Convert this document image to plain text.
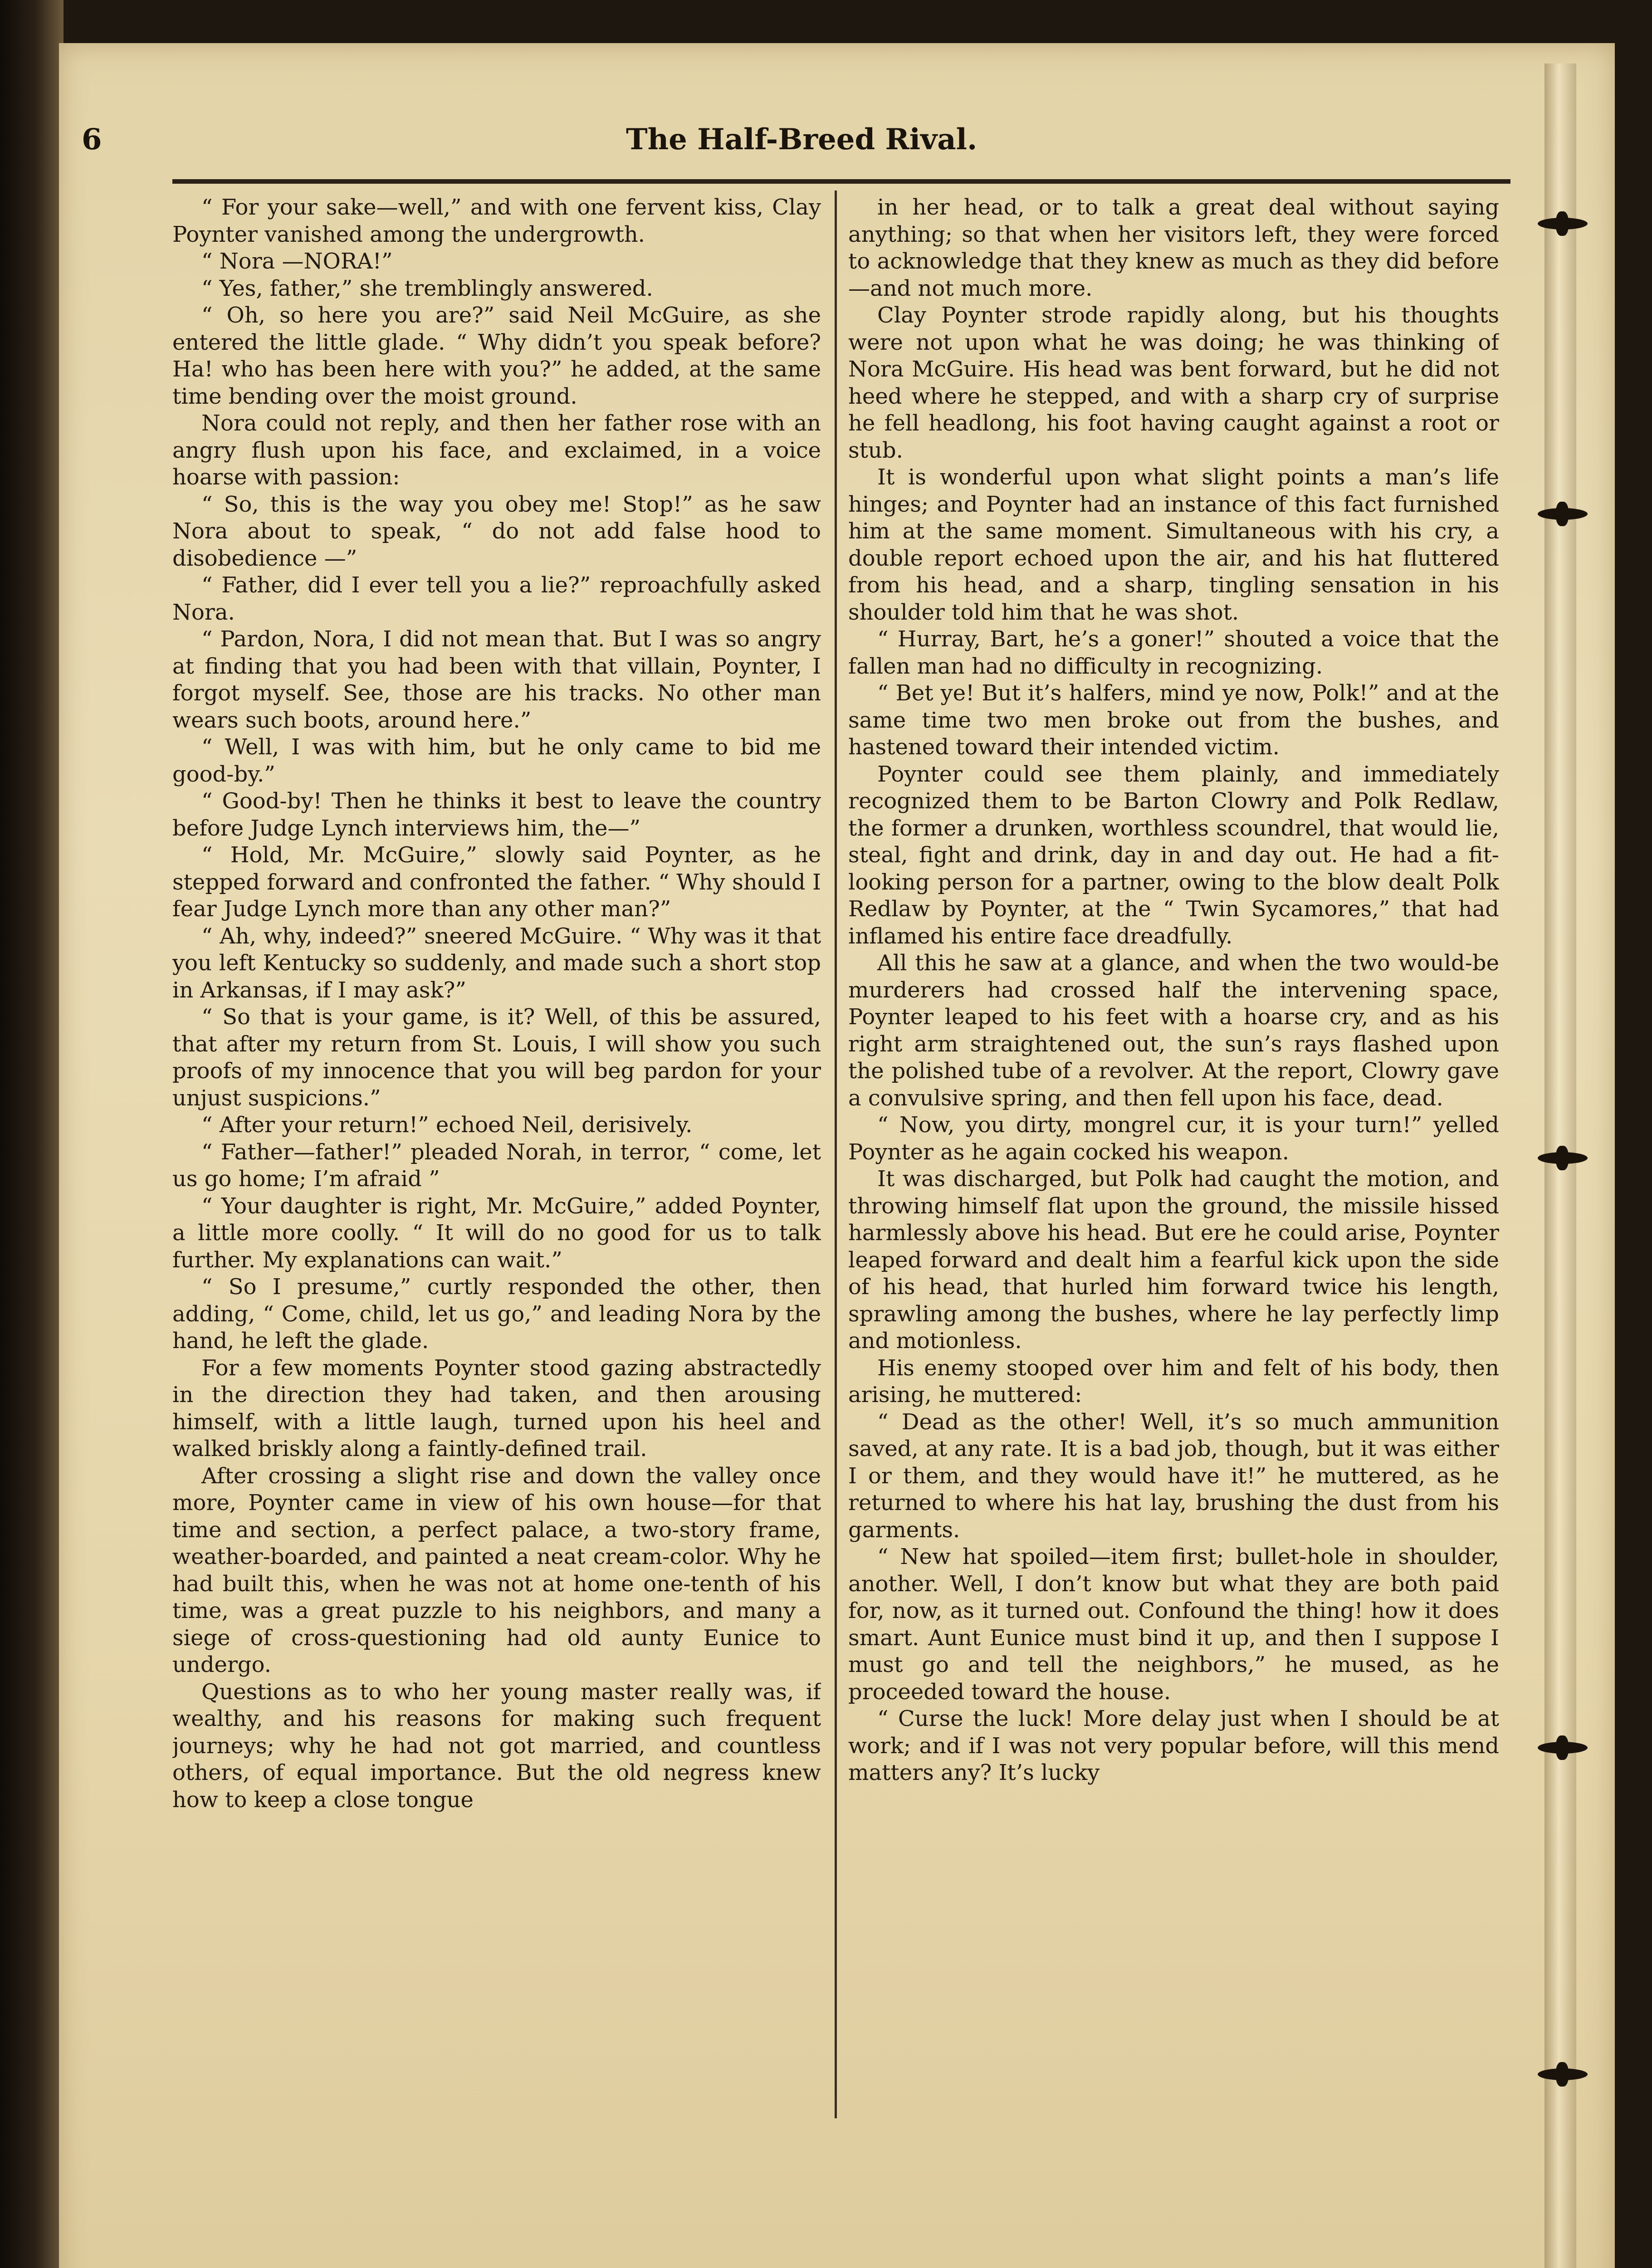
6	The Half-Breed Rival.

“ For your sake—well,” and with one fervent kiss, Clay Poynter vanished among the undergrowth.

“ Nora —NORA!”

“ Yes, father,” she tremblingly answered.

“ Oh, so here you are?” said Neil McGuire, as she entered the little glade. “ Why didn’t you speak before? Ha! who has been here with you?” he added, at the same time bending over the moist ground.

Nora could not reply, and then her father rose with an angry flush upon his face, and exclaimed, in a voice hoarse with passion:

“ So, this is the way you obey me! Stop!” as he saw Nora about to speak, “ do not add false hood to disobedience —”

“ Father, did I ever tell you a lie?” reproachfully asked Nora.

“ Pardon, Nora, I did not mean that. But I was so angry at finding that you had been with that villain, Poynter, I forgot myself. See, those are his tracks. No other man wears such boots, around here.”

“ Well, I was with him, but he only came to bid me good-by.”

“ Good-by! Then he thinks it best to leave the country before Judge Lynch interviews him, the—”

“ Hold, Mr. McGuire,” slowly said Poynter, as he stepped forward and confronted the father. “ Why should I fear Judge Lynch more than any other man?”

“ Ah, why, indeed?” sneered McGuire. “ Why was it that you left Kentucky so suddenly, and made such a short stop in Arkansas, if I may ask?”

“ So that is your game, is it? Well, of this be assured, that after my return from St. Louis, I will show you such proofs of my innocence that you will beg pardon for your unjust suspicions.”

“ After your return!” echoed Neil, derisively.

“ Father—father!” pleaded Norah, in terror, “ come, let us go home; I’m afraid ”

“ Your daughter is right, Mr. McGuire,” added Poynter, a little more coolly. “ It will do no good for us to talk further. My explanations can wait.”

“ So I presume,” curtly responded the other, then adding, “ Come, child, let us go,” and leading Nora by the hand, he left the glade.

For a few moments Poynter stood gazing abstractedly in the direction they had taken, and then arousing himself, with a little laugh, turned upon his heel and walked briskly along a faintly-defined trail.

After crossing a slight rise and down the valley once more, Poynter came in view of his own house—for that time and section, a perfect palace, a two-story frame, weather-boarded, and painted a neat cream-color. Why he had built this, when he was not at home one-tenth of his time, was a great puzzle to his neighbors, and many a siege of cross-questioning had old aunty Eunice to undergo.

Questions as to who her young master really was, if wealthy, and his reasons for making such frequent journeys; why he had not got married, and countless others, of equal importance. But the old negress knew how to keep a close tongue

in her head, or to talk a great deal without saying anything; so that when her visitors left, they were forced to acknowledge that they knew as much as they did before—and not much more.

Clay Poynter strode rapidly along, but his thoughts were not upon what he was doing; he was thinking of Nora McGuire. His head was bent forward, but he did not heed where he stepped, and with a sharp cry of surprise he fell headlong, his foot having caught against a root or stub.

It is wonderful upon what slight points a man’s life hinges; and Poynter had an instance of this fact furnished him at the same moment. Simultaneous with his cry, a double report echoed upon the air, and his hat fluttered from his head, and a sharp, tingling sensation in his shoulder told him that he was shot.

“ Hurray, Bart, he’s a goner!” shouted a voice that the fallen man had no difficulty in recognizing.

“ Bet ye! But it’s halfers, mind ye now, Polk!” and at the same time two men broke out from the bushes, and hastened toward their intended victim.

Poynter could see them plainly, and immediately recognized them to be Barton Clowry and Polk Redlaw, the former a drunken, worthless scoundrel, that would lie, steal, fight and drink, day in and day out. He had a fit-looking person for a partner, owing to the blow dealt Polk Redlaw by Poynter, at the “ Twin Sycamores,” that had inflamed his entire face dreadfully.

All this he saw at a glance, and when the two would-be murderers had crossed half the intervening space, Poynter leaped to his feet with a hoarse cry, and as his right arm straightened out, the sun’s rays flashed upon the polished tube of a revolver. At the report, Clowry gave a convulsive spring, and then fell upon his face, dead.

“ Now, you dirty, mongrel cur, it is your turn!” yelled Poynter as he again cocked his weapon.

It was discharged, but Polk had caught the motion, and throwing himself flat upon the ground, the missile hissed harmlessly above his head. But ere he could arise, Poynter leaped forward and dealt him a fearful kick upon the side of his head, that hurled him forward twice his length, sprawling among the bushes, where he lay perfectly limp and motionless.

His enemy stooped over him and felt of his body, then arising, he muttered:

“ Dead as the other! Well, it’s so much ammunition saved, at any rate. It is a bad job, though, but it was either I or them, and they would have it!” he muttered, as he returned to where his hat lay, brushing the dust from his garments.

“ New hat spoiled—item first; bullet-hole in shoulder, another. Well, I don’t know but what they are both paid for, now, as it turned out. Confound the thing! how it does smart. Aunt Eunice must bind it up, and then I suppose I must go and tell the neighbors,” he mused, as he proceeded toward the house.

“ Curse the luck! More delay just when I should be at work; and if I was not very popular before, will this mend matters any? It’s lucky
